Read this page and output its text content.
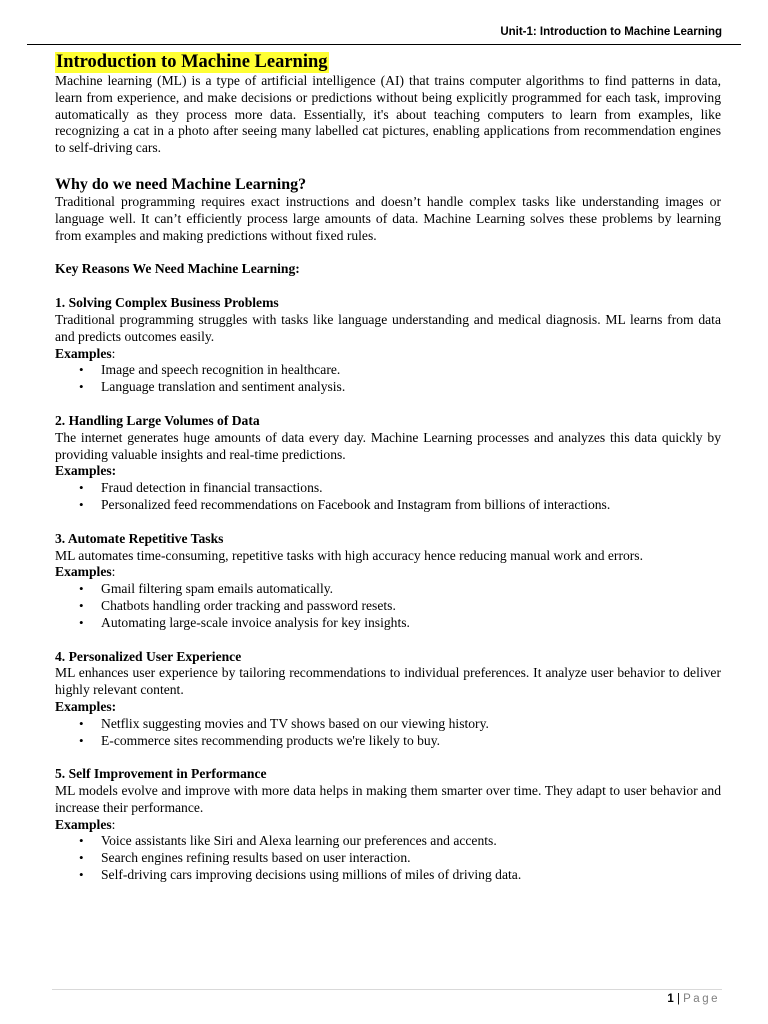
Unit-1: Introduction to Machine Learning
Introduction to Machine Learning

Machine learning (ML) is a type of artificial intelligence (AI) that trains computer algorithms to find patterns in data, learn from experience, and make decisions or predictions without being explicitly programmed for each task, improving automatically as they process more data. Essentially, it's about teaching computers to learn from examples, like recognizing a cat in a photo after seeing many labelled cat pictures, enabling applications from recommendation engines to self-driving cars.

Why do we need Machine Learning?

Traditional programming requires exact instructions and doesn’t handle complex tasks like understanding images or language well. It can’t efficiently process large amounts of data. Machine Learning solves these problems by learning from examples and making predictions without fixed rules.

Key Reasons We Need Machine Learning:
1. Solving Complex Business Problems

Traditional programming struggles with tasks like language understanding and medical diagnosis. ML learns from data and predicts outcomes easily.

Examples:
• Image and speech recognition in healthcare.
• Language translation and sentiment analysis.
2. Handling Large Volumes of Data

The internet generates huge amounts of data every day. Machine Learning processes and analyzes this data quickly by providing valuable insights and real-time predictions.

Examples:
• Fraud detection in financial transactions.
• Personalized feed recommendations on Facebook and Instagram from billions of interactions.
3. Automate Repetitive Tasks

ML automates time-consuming, repetitive tasks with high accuracy hence reducing manual work and errors.

Examples:
• Gmail filtering spam emails automatically.
• Chatbots handling order tracking and password resets.
• Automating large-scale invoice analysis for key insights.
4. Personalized User Experience

ML enhances user experience by tailoring recommendations to individual preferences. It analyze user behavior to deliver highly relevant content.

Examples:
• Netflix suggesting movies and TV shows based on our viewing history.
• E-commerce sites recommending products we're likely to buy.
5. Self Improvement in Performance

ML models evolve and improve with more data helps in making them smarter over time. They adapt to user behavior and increase their performance.

Examples:
• Voice assistants like Siri and Alexa learning our preferences and accents.
• Search engines refining results based on user interaction.
• Self-driving cars improving decisions using millions of miles of driving data.
1 | Page
